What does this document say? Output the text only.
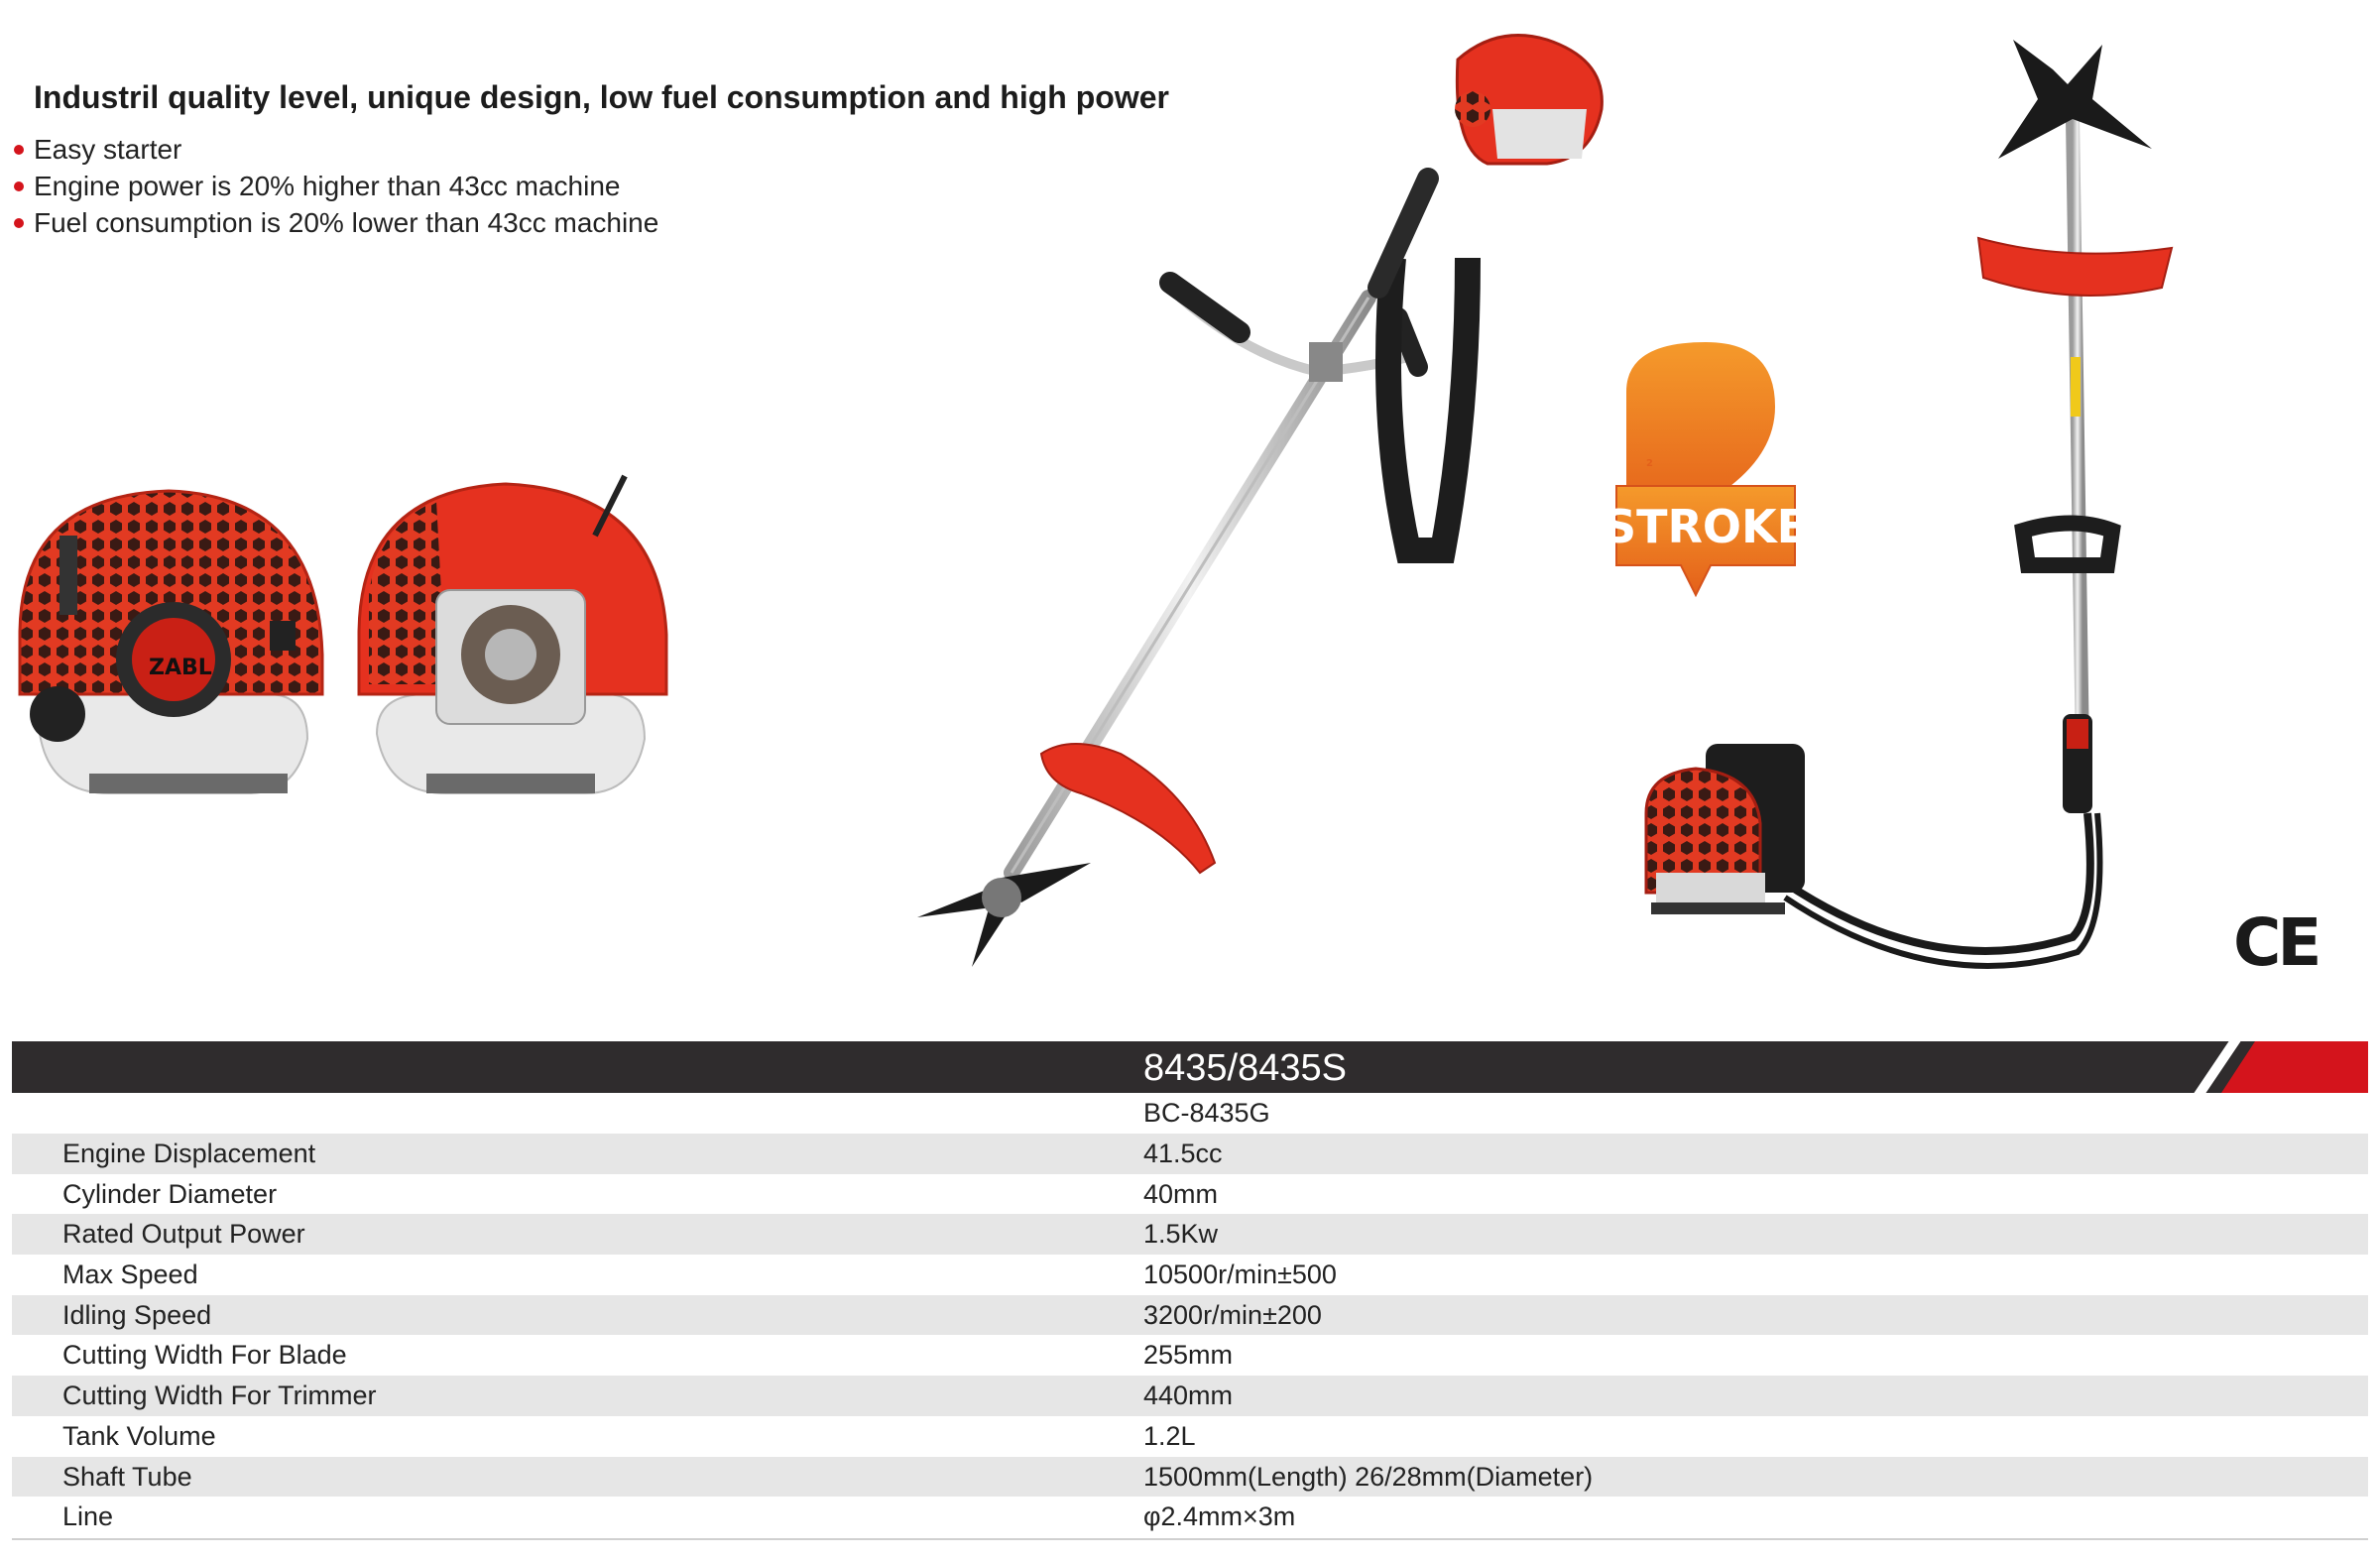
Industril quality level, unique design, low fuel consumption and high power
Easy starter
Engine power is 20% higher than 43cc machine
Fuel consumption is 20% lower than 43cc machine
ZABL
Fengler	2
STROKE
CE
8435/8435S
BC-8435G
Engine Displacement	41.5cc
Cylinder Diameter	40mm
Rated Output Power	1.5Kw
Max Speed	10500r/min±500
Idling Speed	3200r/min±200
Cutting Width For Blade	255mm
Cutting Width For Trimmer	440mm
Tank Volume	1.2L
Shaft Tube	1500mm(Length) 26/28mm(Diameter)
Line	φ2.4mm×3m
